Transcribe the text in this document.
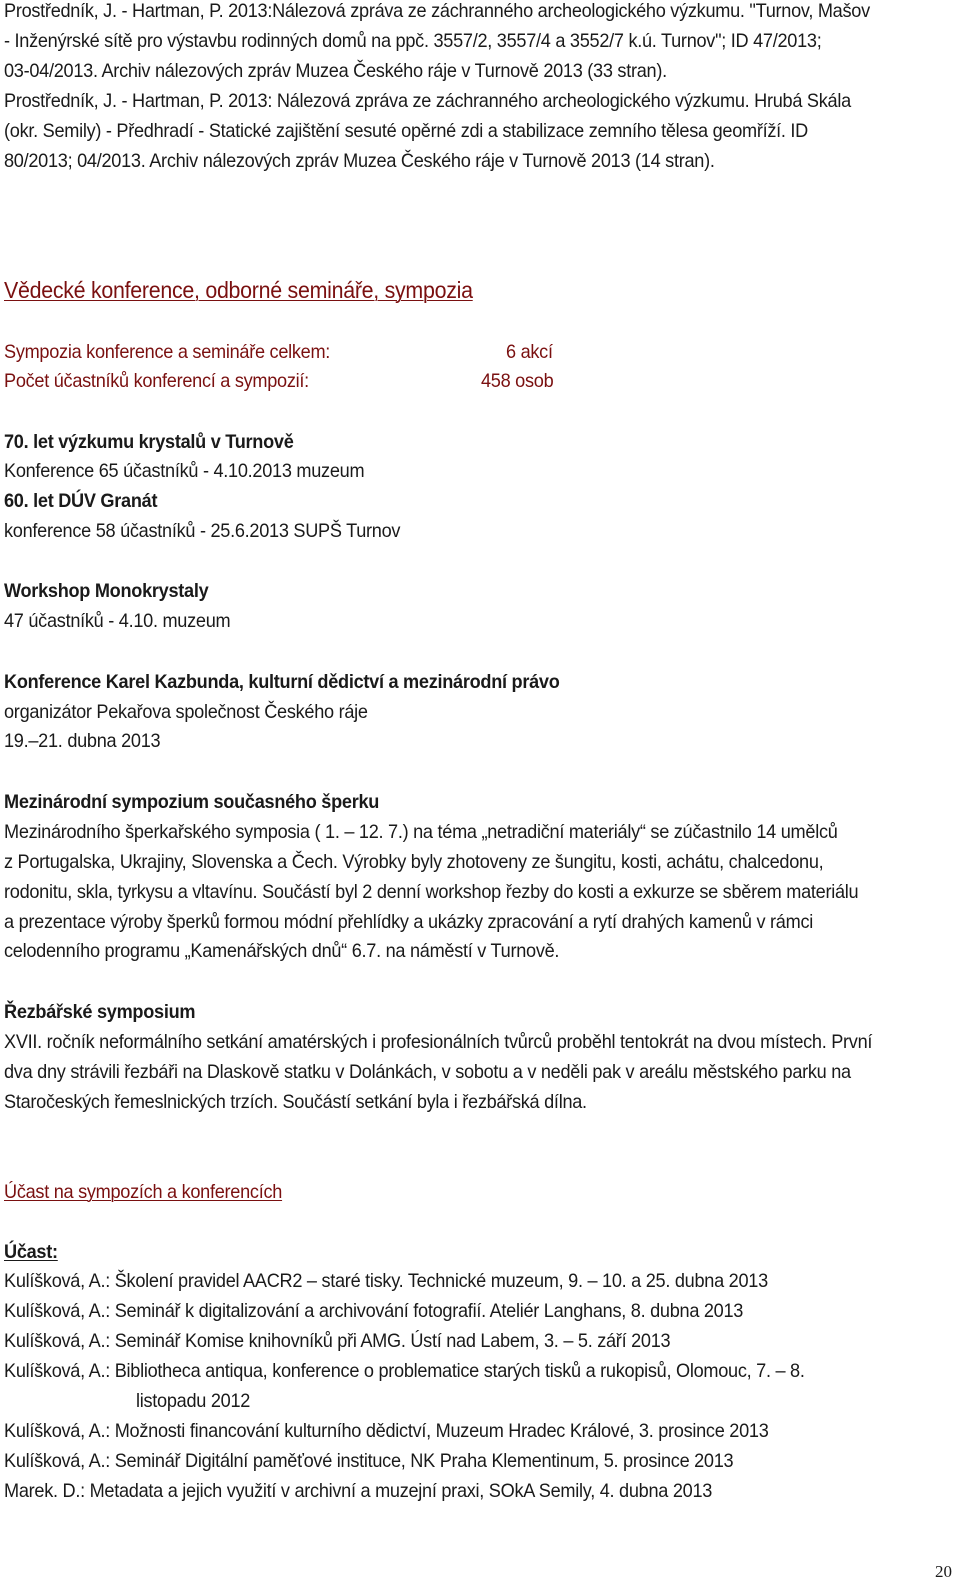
Prostředník, J. - Hartman, P. 2013:Nálezová zpráva ze záchranného archeologického výzkumu. "Turnov, Mašov
- Inženýrské sítě pro výstavbu rodinných domů na ppč. 3557/2, 3557/4 a 3552/7 k.ú. Turnov"; ID 47/2013;
03-04/2013. Archiv nálezových zpráv Muzea Českého ráje v Turnově 2013 (33 stran).
Prostředník, J. - Hartman, P. 2013: Nálezová zpráva ze záchranného archeologického výzkumu. Hrubá Skála
(okr. Semily) - Předhradí - Statické zajištění sesuté opěrné zdi a stabilizace zemního tělesa geomříží. ID
80/2013; 04/2013. Archiv nálezových zpráv Muzea Českého ráje v Turnově 2013 (14 stran).
Vědecké konference, odborné semináře, sympozia
Sympozia konference a semináře celkem:	6 akcí
Počet účastníků konferencí a sympozií:	458 osob
70. let výzkumu krystalů v Turnově
Konference 65 účastníků - 4.10.2013 muzeum
60. let DÚV Granát
konference 58 účastníků - 25.6.2013 SUPŠ Turnov
Workshop Monokrystaly
47 účastníků - 4.10. muzeum
Konference Karel Kazbunda, kulturní dědictví a mezinárodní právo
organizátor Pekařova společnost Českého ráje
19.–21. dubna 2013
Mezinárodní sympozium současného šperku
Mezinárodního šperkařského symposia ( 1. – 12. 7.) na téma „netradiční materiály“ se zúčastnilo 14 umělců
z Portugalska, Ukrajiny, Slovenska a Čech. Výrobky byly zhotoveny ze šungitu, kosti, achátu, chalcedonu,
rodonitu, skla, tyrkysu a vltavínu. Součástí byl 2 denní workshop řezby do kosti a exkurze se sběrem materiálu
a prezentace výroby šperků formou módní přehlídky a ukázky zpracování a rytí drahých kamenů v rámci
celodenního programu „Kamenářských dnů“ 6.7. na náměstí v Turnově.
Řezbářské symposium
XVII. ročník neformálního setkání amatérských i profesionálních tvůrců proběhl tentokrát na dvou místech. První
dva dny strávili řezbáři na Dlaskově statku v Dolánkách, v sobotu a v neděli pak v areálu městského parku na
Staročeských řemeslnických trzích. Součástí setkání byla i řezbářská dílna.
Účast na sympozích a konferencích
Účast:
Kulíšková, A.: Školení pravidel AACR2 – staré tisky. Technické muzeum, 9. – 10. a 25. dubna 2013
Kulíšková, A.: Seminář k digitalizování a archivování fotografií. Ateliér Langhans, 8. dubna 2013
Kulíšková, A.: Seminář Komise knihovníků při AMG. Ústí nad Labem, 3. – 5. září 2013
Kulíšková, A.: Bibliotheca antiqua, konference o problematice starých tisků a rukopisů, Olomouc, 7. – 8.
listopadu 2012
Kulíšková, A.: Možnosti financování kulturního dědictví, Muzeum Hradec Králové, 3. prosince 2013
Kulíšková, A.: Seminář Digitální paměťové instituce, NK Praha Klementinum, 5. prosince 2013
Marek. D.: Metadata a jejich využití v archivní a muzejní praxi, SOkA Semily, 4. dubna 2013
20
